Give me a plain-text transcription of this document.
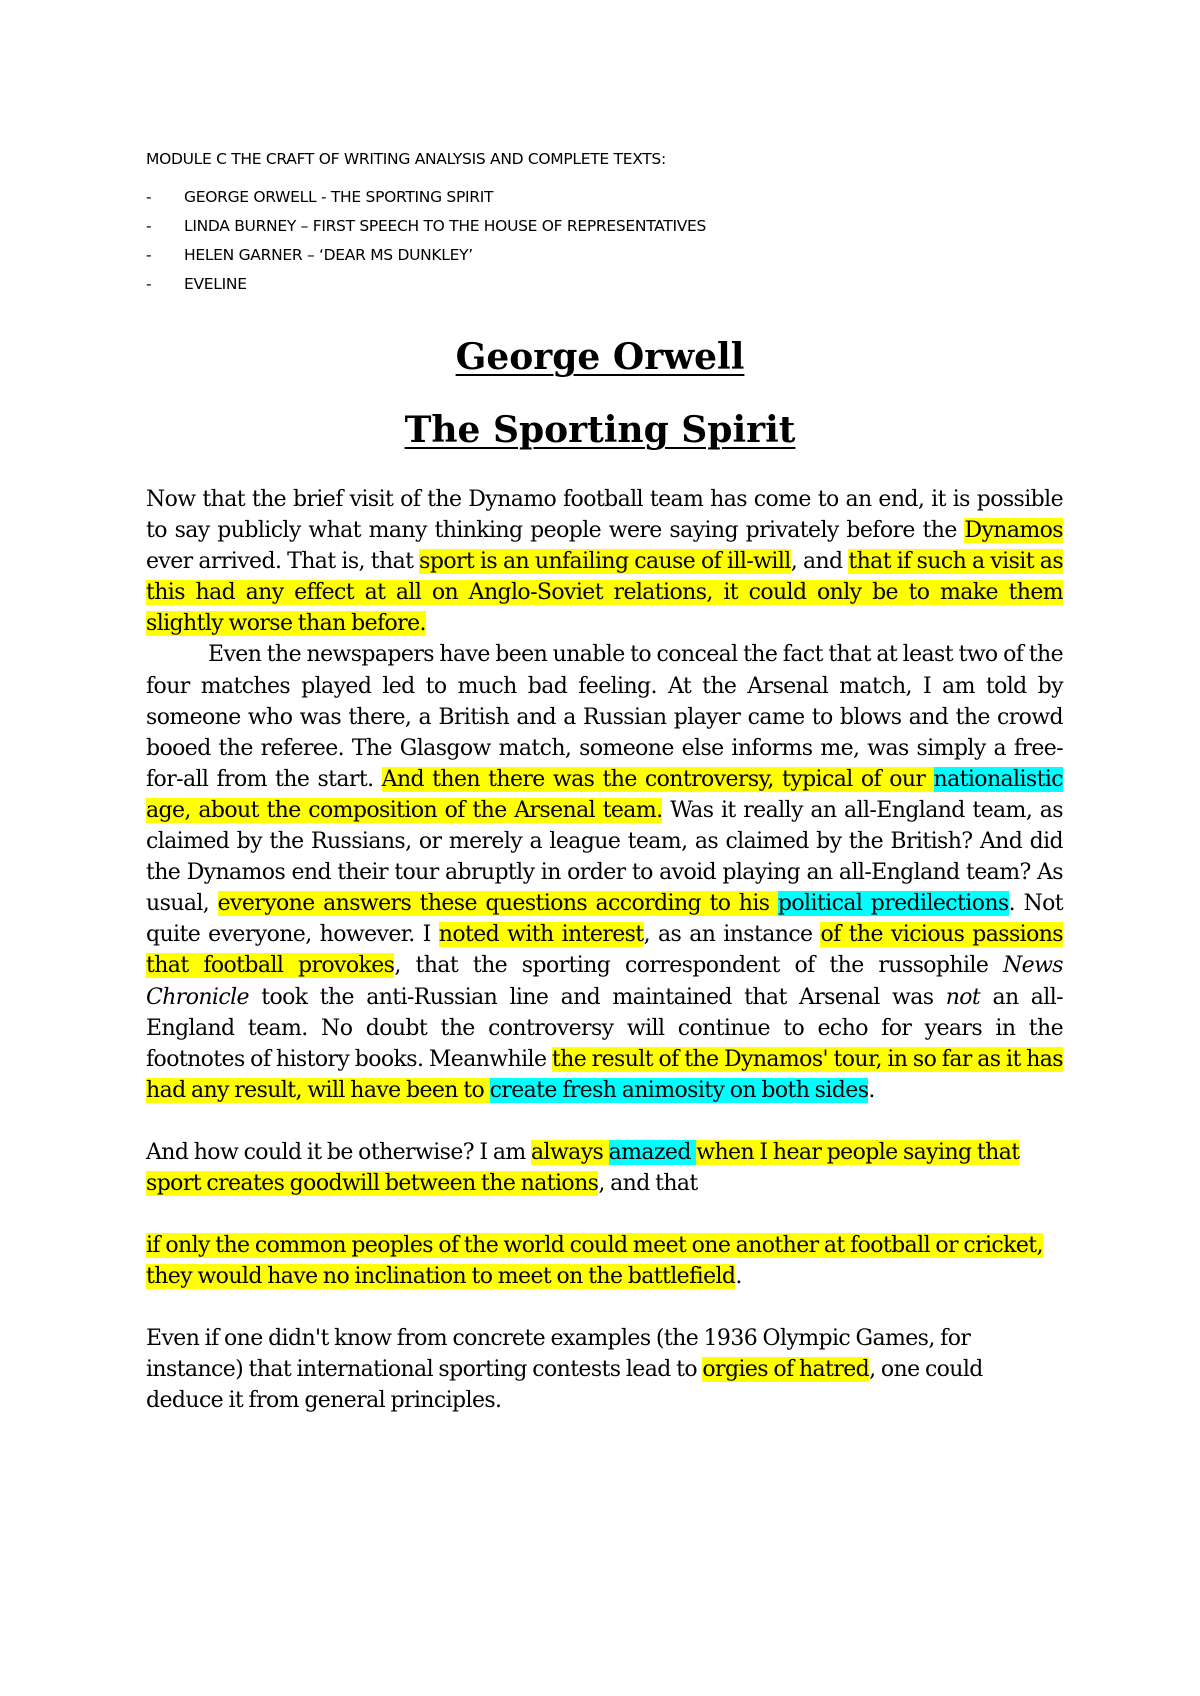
MODULE C THE CRAFT OF WRITING ANALYSIS AND COMPLETE TEXTS:

-	GEORGE ORWELL - THE SPORTING SPIRIT
-	LINDA BURNEY – FIRST SPEECH TO THE HOUSE OF REPRESENTATIVES
-	HELEN GARNER – ‘DEAR MS DUNKLEY’
-	EVELINE
George Orwell
The Sporting Spirit

Now that the brief visit of the Dynamo football team has come to an end, it is possible to say publicly what many thinking people were saying privately before the Dynamos ever arrived. That is, that sport is an unfailing cause of ill-will, and that if such a visit as this had any effect at all on Anglo-Soviet relations, it could only be to make them slightly worse than before.

Even the newspapers have been unable to conceal the fact that at least two of the four matches played led to much bad feeling. At the Arsenal match, I am told by someone who was there, a British and a Russian player came to blows and the crowd booed the referee. The Glasgow match, someone else informs me, was simply a free-for-all from the start. And then there was the controversy, typical of our nationalistic age, about the composition of the Arsenal team. Was it really an all-England team, as claimed by the Russians, or merely a league team, as claimed by the British? And did the Dynamos end their tour abruptly in order to avoid playing an all-England team? As usual, everyone answers these questions according to his political predilections. Not quite everyone, however. I noted with interest, as an instance of the vicious passions that football provokes, that the sporting correspondent of the russophile News Chronicle took the anti-Russian line and maintained that Arsenal was not an all-England team. No doubt the controversy will continue to echo for years in the footnotes of history books. Meanwhile the result of the Dynamos' tour, in so far as it has had any result, will have been to create fresh animosity on both sides.

And how could it be otherwise? I am always amazed when I hear people saying that sport creates goodwill between the nations, and that

if only the common peoples of the world could meet one another at football or cricket, they would have no inclination to meet on the battlefield.

Even if one didn't know from concrete examples (the 1936 Olympic Games, for instance) that international sporting contests lead to orgies of hatred, one could deduce it from general principles.
